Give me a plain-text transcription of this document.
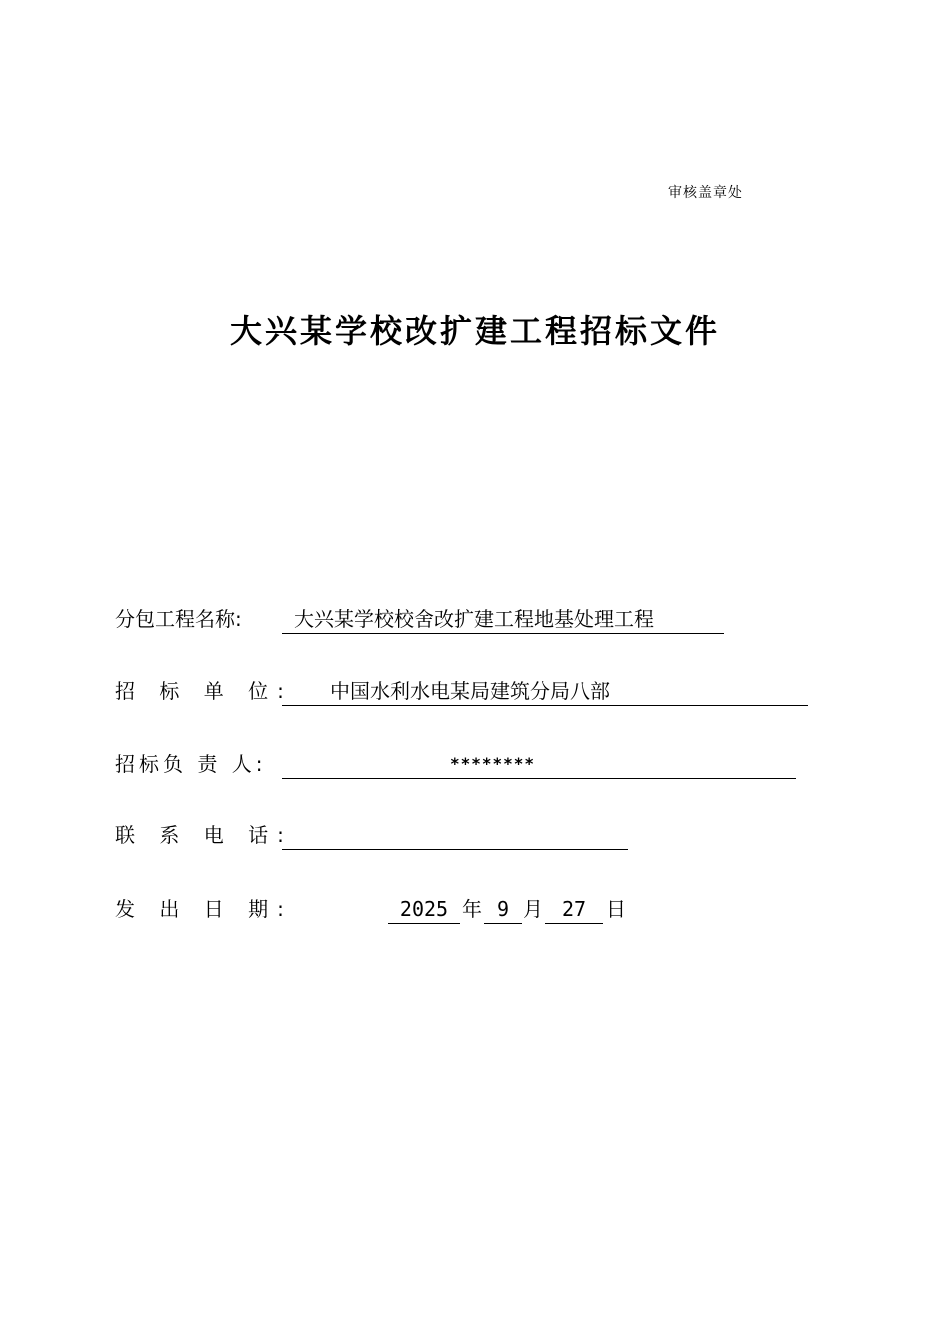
审核盖章处
大兴某学校改扩建工程招标文件
分包工程名称:	大兴某学校校舍改扩建工程地基处理工程
招 标 单 位:	中国水利水电某局建筑分局八部
招标负 责 人:	********
联 系 电 话:
发 出 日 期:	2025 年 9 月 27 日
